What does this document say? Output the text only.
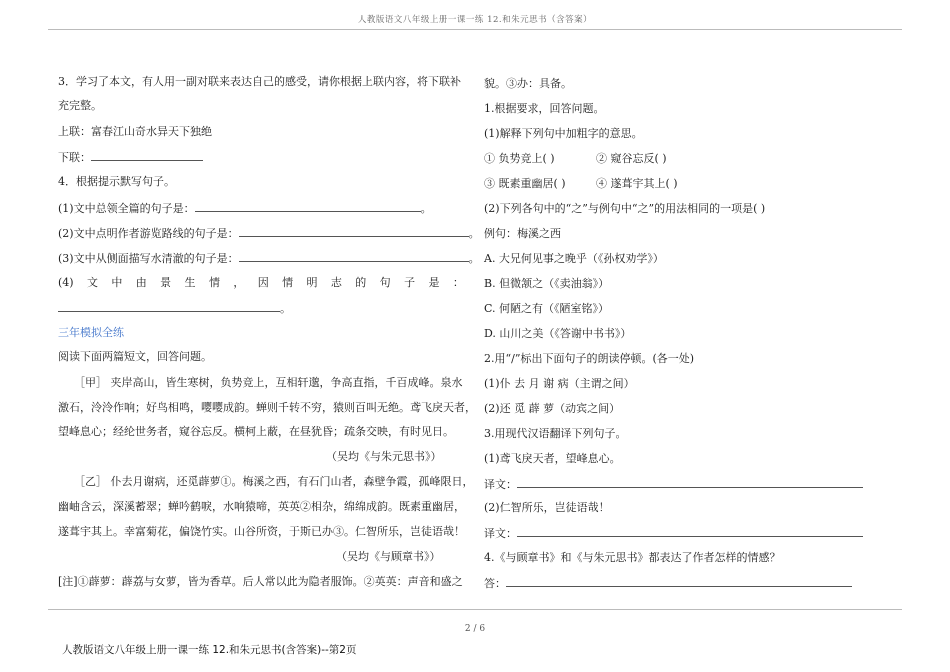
人教版语文八年级上册一课一练 12.和朱元思书（含答案）
3．学习了本文，有人用一副对联来表达自己的感受，请你根据上联内容，将下联补
充完整。
上联：富春江山奇水异天下独绝
下联：
4．根据提示默写句子。
(1)文中总领全篇的句子是：	。
(2)文中点明作者游览路线的句子是：	。
(3)文中从侧面描写水清澈的句子是：	。
(4) 文 中 由 景 生 情 ， 因 情 明 志 的 句 子 是 ：
。
三年模拟全练
阅读下面两篇短文，回答问题。
［甲］ 夹岸高山，皆生寒树，负势竞上，互相轩邈，争高直指，千百成峰。泉水
激石，泠泠作响；好鸟相鸣，嘤嘤成韵。蝉则千转不穷，猿则百叫无绝。鸢飞戾天者，
望峰息心；经纶世务者，窥谷忘反。横柯上蔽，在昼犹昏；疏条交映，有时见日。
（吴均《与朱元思书》）
［乙］ 仆去月谢病，还觅薜萝①。梅溪之西，有石门山者，森壁争霞，孤峰限日，
幽岫含云，深溪蓄翠；蝉吟鹤唳，水响猿啼，英英②相杂，绵绵成韵。既素重幽居，
遂葺宇其上。幸富菊花，偏饶竹实。山谷所资，于斯已办③。仁智所乐，岂徒语哉！
（吴均《与顾章书》）
[注]①薜萝：薜荔与女萝，皆为香草。后人常以此为隐者服饰。②英英：声音和盛之
貌。③办：具备。
1.根据要求，回答问题。
(1)解释下列句中加粗字的意思。
① 负势竞上( )	② 窥谷忘反( )
③ 既素重幽居( )	④ 遂葺宇其上( )
(2)下列各句中的“之”与例句中“之”的用法相同的一项是( )
例句：梅溪之西
A. 大兄何见事之晚乎（《孙权劝学》）
B. 但微颔之（《卖油翁》）
C. 何陋之有（《陋室铭》）
D. 山川之美（《答谢中书书》）
2.用“/”标出下面句子的朗读停顿。(各一处)
(1)仆 去 月 谢 病（主谓之间）
(2)还 觅 薜 萝（动宾之间）
3.用现代汉语翻译下列句子。
(1)鸢飞戾天者，望峰息心。
译文：
(2)仁智所乐，岂徒语哉！
译文：
4.《与顾章书》和《与朱元思书》都表达了作者怎样的情感？
答：
2 / 6
人教版语文八年级上册一课一练 12.和朱元思书(含答案)--第2页
